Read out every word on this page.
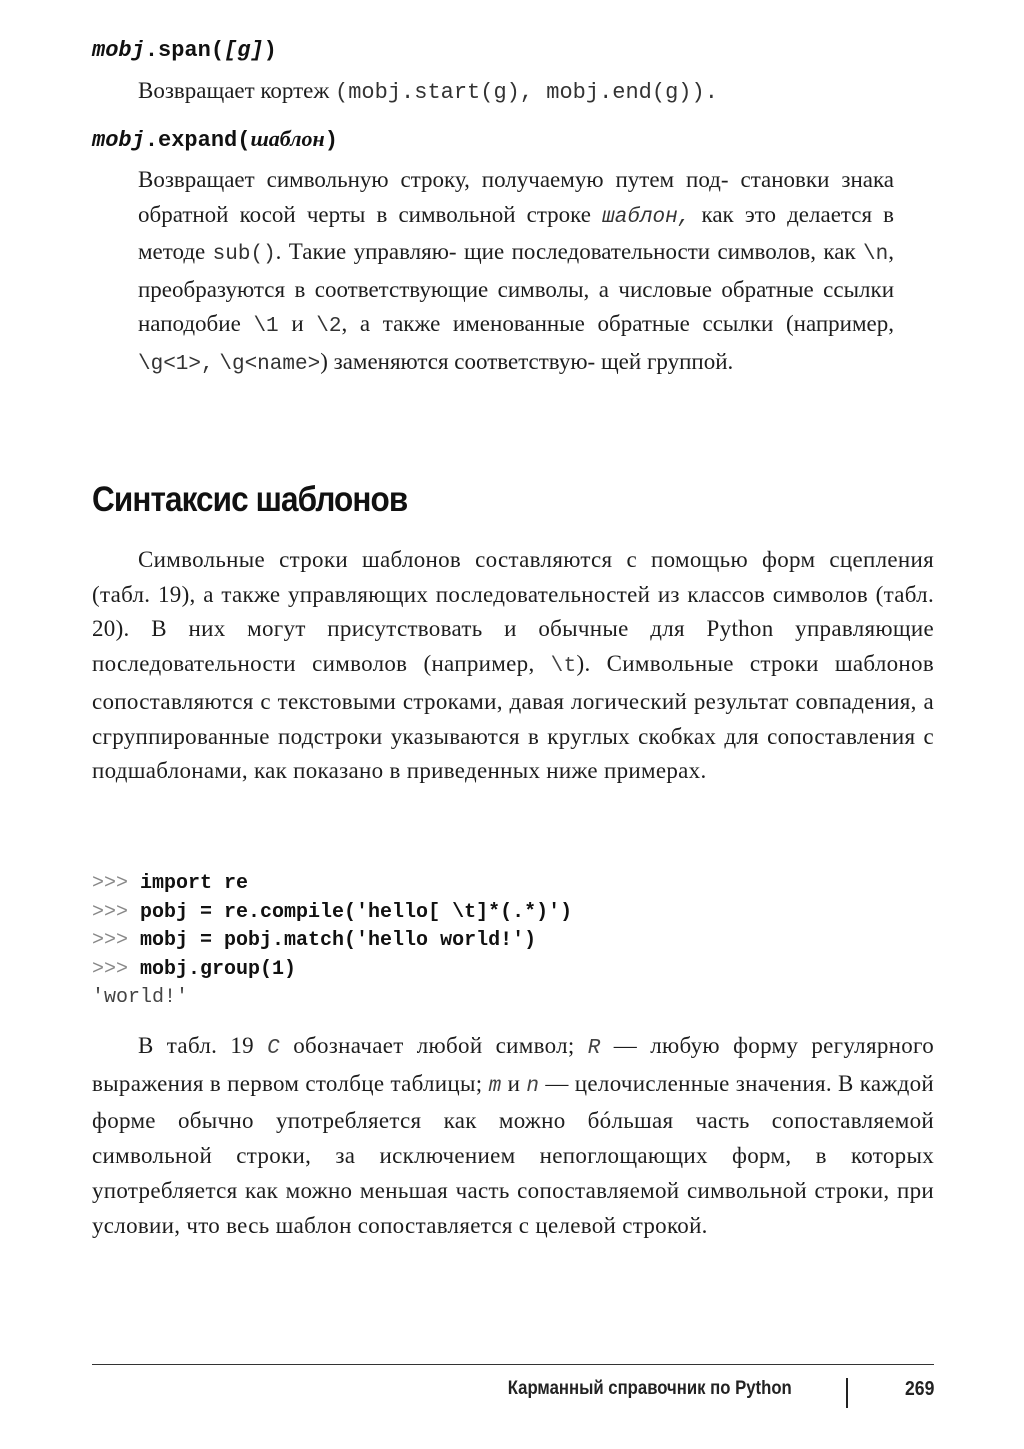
mobj.span([g])
Возвращает кортеж (mobj.start(g), mobj.end(g)).
mobj.expand(шаблон)
Возвращает символьную строку, получаемую путем под- становки знака обратной косой черты в символьной строке шаблон, как это делается в методе sub(). Такие управляю- щие последовательности символов, как \n, преобразуются в соответствующие символы, а числовые обратные ссылки наподобие \1 и \2, а также именованные обратные ссылки (например, \g<1>, \g<name>) заменяются соответствую- щей группой.
Синтаксис шаблонов
Символьные строки шаблонов составляются с помощью форм сцепления (табл. 19), а также управляющих последовательностей из классов символов (табл. 20). В них могут присутствовать и обычные для Python управляющие последовательности символов (например, \t). Символьные строки шаблонов сопоставляются с текстовыми строками, давая логический результат совпадения, а сгруппированные подстроки указываются в круглых скобках для сопоставления с подшаблонами, как показано в приведенных ниже примерах.
>>> import re
>>> pobj = re.compile('hello[ \t]*(.*)')
>>> mobj = pobj.match('hello world!')
>>> mobj.group(1)
'world!'
В табл. 19 C обозначает любой символ; R — любую форму регулярного выражения в первом столбце таблицы; m и n — целочисленные значения. В каждой форме обычно употребляется как можно бóльшая часть сопоставляемой символьной строки, за исключением непоглощающих форм, в которых употребляется как можно меньшая часть сопоставляемой символьной строки, при условии, что весь шаблон сопоставляется с целевой строкой.
Карманный справочник по Python	269
